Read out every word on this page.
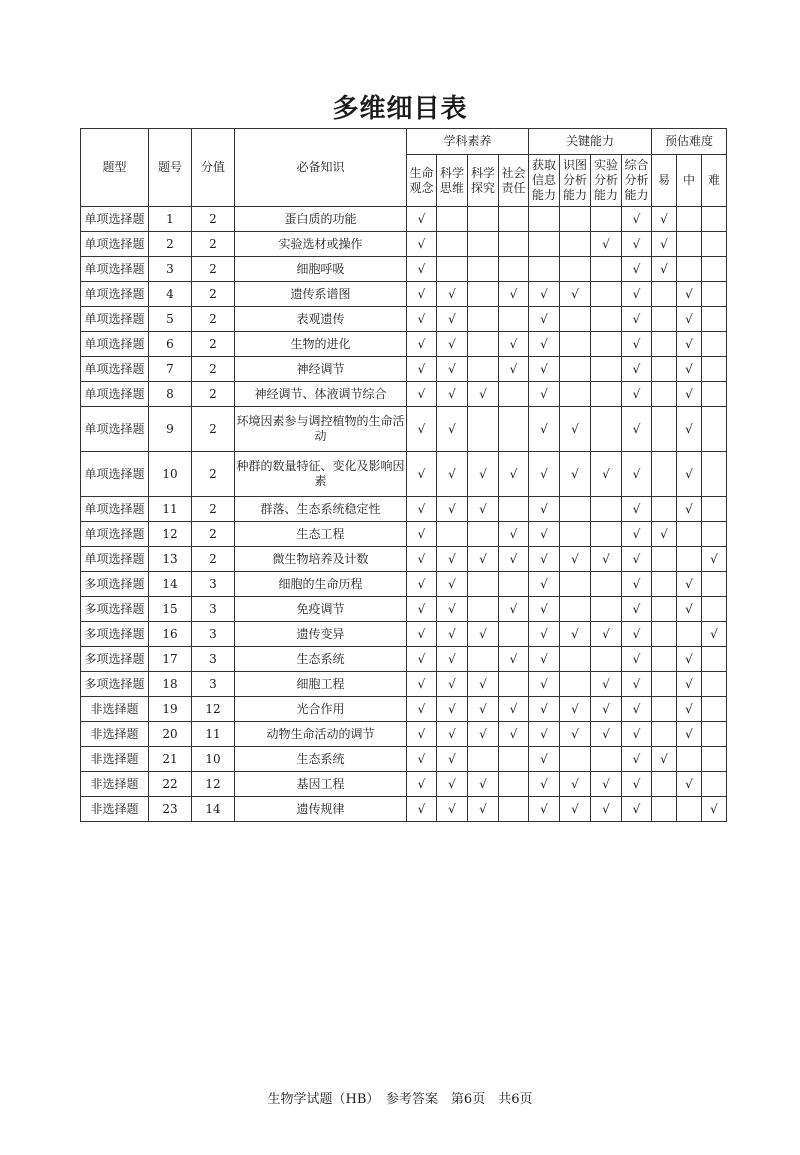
多维细目表
题型	题号	分值	必备知识	学科素养				关键能力				预估难度		
				生命观念	科学思维	科学探究	社会责任	获取信息能力	识图分析能力	实验分析能力	综合分析能力	易	中	难
单项选择题	1	2	蛋白质的功能	√							√	√		
单项选择题	2	2	实验选材或操作	√						√	√	√		
单项选择题	3	2	细胞呼吸	√							√	√		
单项选择题	4	2	遗传系谱图	√	√		√	√	√		√		√	
单项选择题	5	2	表观遗传	√	√			√			√		√	
单项选择题	6	2	生物的进化	√	√		√	√			√		√	
单项选择题	7	2	神经调节	√	√		√	√			√		√	
单项选择题	8	2	神经调节、体液调节综合	√	√	√		√			√		√	
单项选择题	9	2	环境因素参与调控植物的生命活动	√	√			√	√		√		√	
单项选择题	10	2	种群的数量特征、变化及影响因素	√	√	√	√	√	√	√	√		√	
单项选择题	11	2	群落、生态系统稳定性	√	√	√		√			√		√	
单项选择题	12	2	生态工程	√			√	√			√	√		
单项选择题	13	2	微生物培养及计数	√	√	√	√	√	√	√	√			√
多项选择题	14	3	细胞的生命历程	√	√			√			√		√	
多项选择题	15	3	免疫调节	√	√		√	√			√		√	
多项选择题	16	3	遗传变异	√	√	√		√	√	√	√			√
多项选择题	17	3	生态系统	√	√		√	√			√		√	
多项选择题	18	3	细胞工程	√	√	√		√		√	√		√	
非选择题	19	12	光合作用	√	√	√	√	√	√	√	√		√	
非选择题	20	11	动物生命活动的调节	√	√	√	√	√	√	√	√		√	
非选择题	21	10	生态系统	√	√			√			√	√		
非选择题	22	12	基因工程	√	√	√		√	√	√	√		√	
非选择题	23	14	遗传规律	√	√	√		√	√	√	√			√
生物学试题（HB）　参考答案　第6页　共6页
